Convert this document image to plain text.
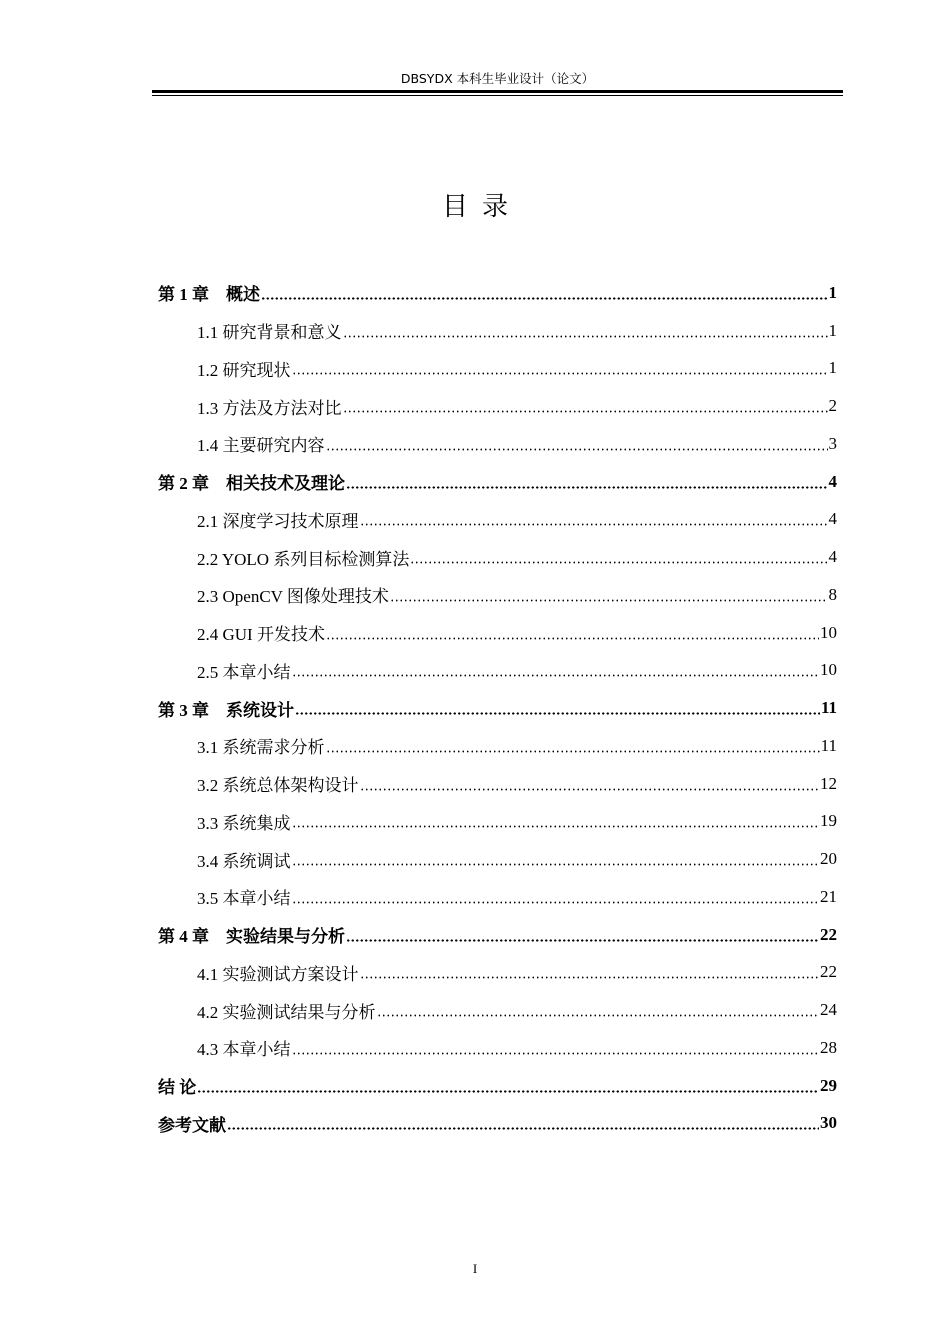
DBSYDX 本科生毕业设计（论文）
目录
第 1 章　概述	1
1.1 研究背景和意义	1
1.2 研究现状	1
1.3 方法及方法对比	2
1.4 主要研究内容	3
第 2 章　相关技术及理论	4
2.1 深度学习技术原理	4
2.2 YOLO 系列目标检测算法	4
2.3 OpenCV 图像处理技术	8
2.4 GUI 开发技术	10
2.5 本章小结	10
第 3 章　系统设计	11
3.1 系统需求分析	11
3.2 系统总体架构设计	12
3.3 系统集成	19
3.4 系统调试	20
3.5 本章小结	21
第 4 章　实验结果与分析	22
4.1 实验测试方案设计	22
4.2 实验测试结果与分析	24
4.3 本章小结	28
结 论	29
参考文献	30
I
